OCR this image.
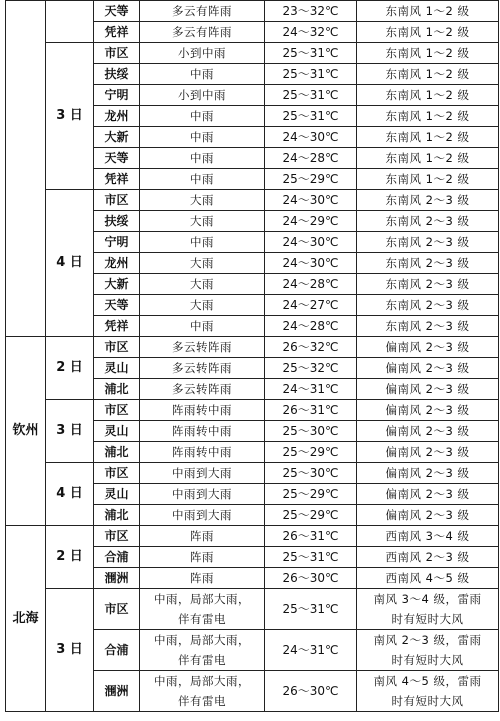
		天等	多云有阵雨	23～32℃	东南风 1～2 级
		凭祥	多云有阵雨	24～32℃	东南风 1～2 级
	3 日	市区	小到中雨	25～31℃	东南风 1～2 级
		扶绥	中雨	25～31℃	东南风 1～2 级
		宁明	小到中雨	25～31℃	东南风 1～2 级
		龙州	中雨	25～31℃	东南风 1～2 级
		大新	中雨	24～30℃	东南风 1～2 级
		天等	中雨	24～28℃	东南风 1～2 级
		凭祥	中雨	25～29℃	东南风 1～2 级
	4 日	市区	大雨	24～30℃	东南风 2～3 级
		扶绥	大雨	24～29℃	东南风 2～3 级
		宁明	中雨	24～30℃	东南风 2～3 级
		龙州	大雨	24～30℃	东南风 2～3 级
		大新	大雨	24～28℃	东南风 2～3 级
		天等	大雨	24～27℃	东南风 2～3 级
		凭祥	中雨	24～28℃	东南风 2～3 级
钦州	2 日	市区	多云转阵雨	26～32℃	偏南风 2～3 级
		灵山	多云转阵雨	25～32℃	偏南风 2～3 级
		浦北	多云转阵雨	24～31℃	偏南风 2～3 级
	3 日	市区	阵雨转中雨	26～31℃	偏南风 2～3 级
		灵山	阵雨转中雨	25～30℃	偏南风 2～3 级
		浦北	阵雨转中雨	25～29℃	偏南风 2～3 级
	4 日	市区	中雨到大雨	25～30℃	偏南风 2～3 级
		灵山	中雨到大雨	25～29℃	偏南风 2～3 级
		浦北	中雨到大雨	25～29℃	偏南风 2～3 级
北海	2 日	市区	阵雨	26～31℃	西南风 3～4 级
		合浦	阵雨	25～31℃	西南风 2～3 级
		涠洲	阵雨	26～30℃	西南风 4～5 级
	3 日	市区	中雨，局部大雨，
伴有雷电	25～31℃	南风 3～4 级，雷雨
时有短时大风

		合浦	中雨，局部大雨，
伴有雷电	24～31℃	南风 2～3 级，雷雨
时有短时大风

		涠洲	中雨，局部大雨，
伴有雷电	26～30℃	南风 4～5 级，雷雨
时有短时大风
